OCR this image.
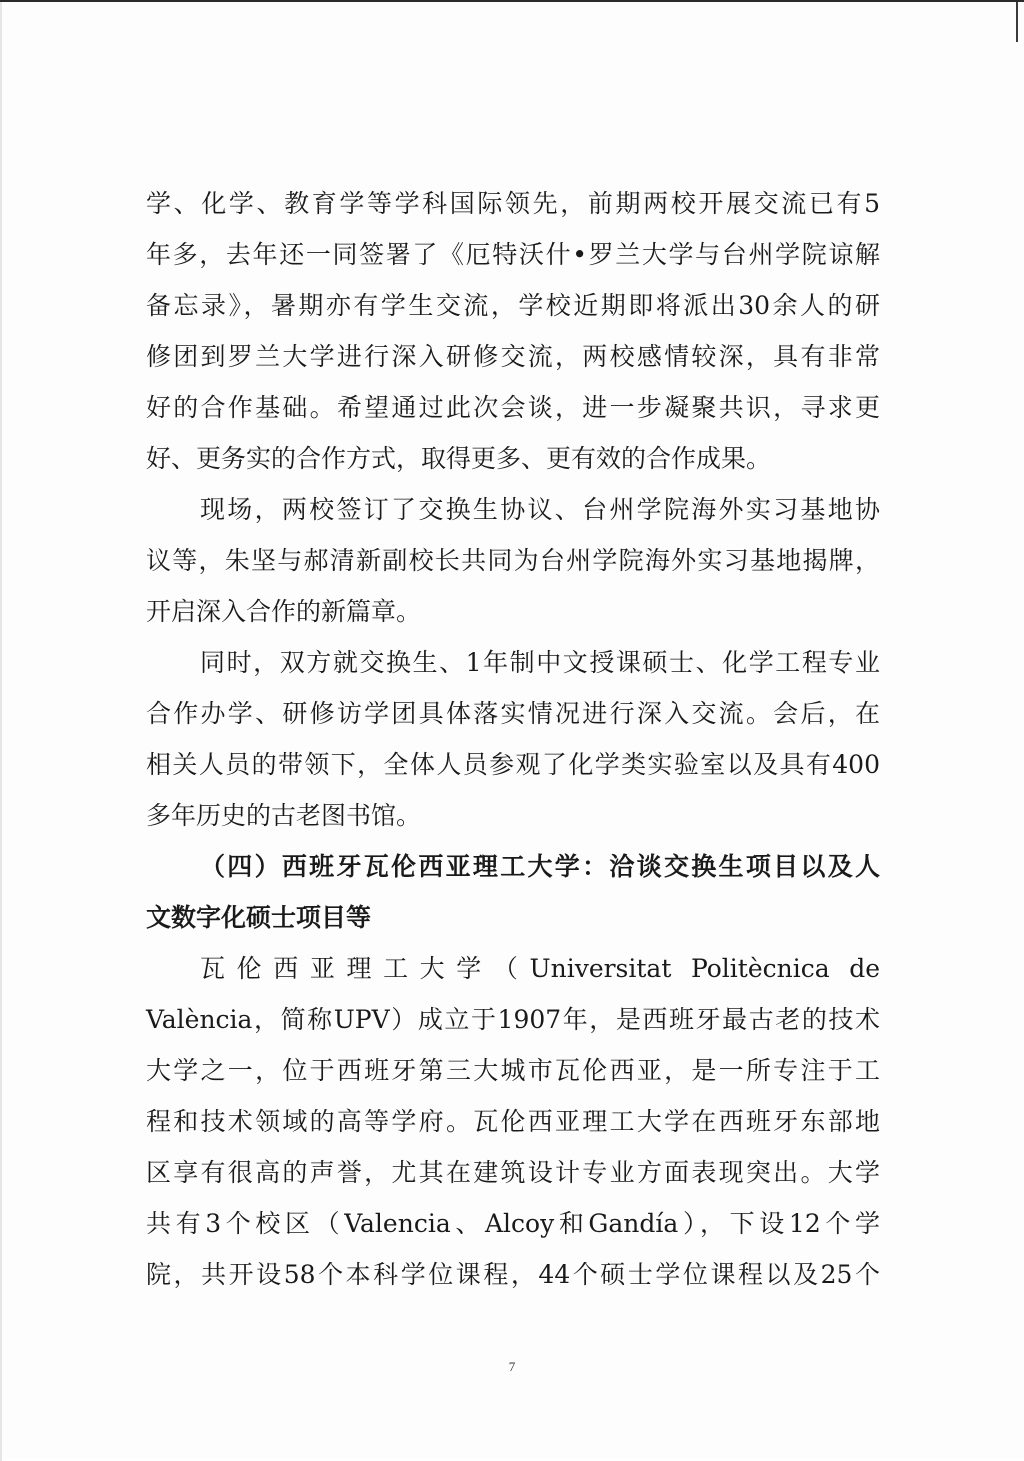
学、化学、教育学等学科国际领先，前期两校开展交流已有5
年多，去年还一同签署了《厄特沃什•罗兰大学与台州学院谅解
备忘录》，暑期亦有学生交流，学校近期即将派出30余人的研
修团到罗兰大学进行深入研修交流，两校感情较深，具有非常
好的合作基础。希望通过此次会谈，进一步凝聚共识，寻求更
好、更务实的合作方式，取得更多、更有效的合作成果。
现场，两校签订了交换生协议、台州学院海外实习基地协
议等，朱坚与郝清新副校长共同为台州学院海外实习基地揭牌，
开启深入合作的新篇章。
同时，双方就交换生、1年制中文授课硕士、化学工程专业
合作办学、研修访学团具体落实情况进行深入交流。会后，在
相关人员的带领下，全体人员参观了化学类实验室以及具有400
多年历史的古老图书馆。
（四）西班牙瓦伦西亚理工大学：洽谈交换生项目以及人
文数字化硕士项目等
瓦伦西亚理工大学（Universitat Politècnica de
València，简称UPV）成立于1907年，是西班牙最古老的技术
大学之一，位于西班牙第三大城市瓦伦西亚，是一所专注于工
程和技术领域的高等学府。瓦伦西亚理工大学在西班牙东部地
区享有很高的声誉，尤其在建筑设计专业方面表现突出。大学
共有3个校区（Valencia、Alcoy和Gandía），下设12个学
院，共开设58个本科学位课程，44个硕士学位课程以及25个
7
